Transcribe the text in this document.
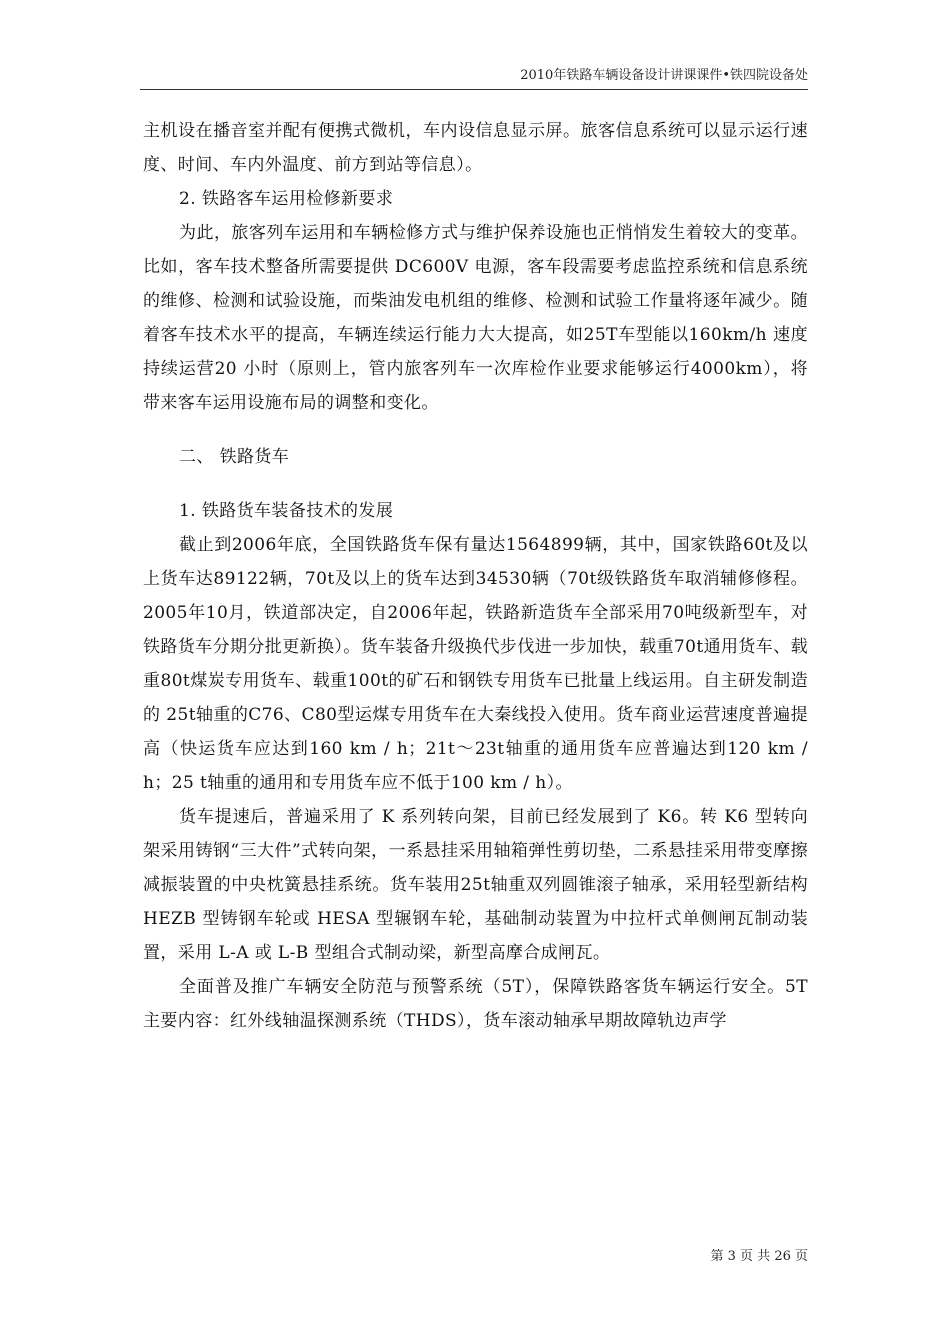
2010年铁路车辆设备设计讲课课件•铁四院设备处

主机设在播音室并配有便携式微机，车内设信息显示屏。旅客信息系统可以显示运行速度、时间、车内外温度、前方到站等信息）。

2. 铁路客车运用检修新要求

为此，旅客列车运用和车辆检修方式与维护保养设施也正悄悄发生着较大的变革。比如，客车技术整备所需要提供 DC600V 电源，客车段需要考虑监控系统和信息系统的维修、检测和试验设施，而柴油发电机组的维修、检测和试验工作量将逐年减少。随着客车技术水平的提高，车辆连续运行能力大大提高，如25T车型能以160km/h 速度持续运营20 小时（原则上，管内旅客列车一次库检作业要求能够运行4000km），将带来客车运用设施布局的调整和变化。

二、 铁路货车

1. 铁路货车装备技术的发展

截止到2006年底，全国铁路货车保有量达1564899辆，其中，国家铁路60t及以上货车达89122辆，70t及以上的货车达到34530辆（70t级铁路货车取消辅修修程。2005年10月，铁道部决定，自2006年起，铁路新造货车全部采用70吨级新型车，对铁路货车分期分批更新换）。货车装备升级换代步伐进一步加快，载重70t通用货车、载重80t煤炭专用货车、载重100t的矿石和钢铁专用货车已批量上线运用。自主研发制造的 25t轴重的C76、C80型运煤专用货车在大秦线投入使用。货车商业运营速度普遍提高（快运货车应达到160 km / h；21t～23t轴重的通用货车应普遍达到120 km / h；25 t轴重的通用和专用货车应不低于100 km / h）。

货车提速后，普遍采用了 K 系列转向架，目前已经发展到了 K6。转 K6 型转向架采用铸钢“三大件”式转向架，一系悬挂采用轴箱弹性剪切垫，二系悬挂采用带变摩擦减振装置的中央枕簧悬挂系统。货车装用25t轴重双列圆锥滚子轴承，采用轻型新结构 HEZB 型铸钢车轮或 HESA 型辗钢车轮，基础制动装置为中拉杆式单侧闸瓦制动装置，采用 L-A 或 L-B 型组合式制动梁，新型高摩合成闸瓦。

全面普及推广车辆安全防范与预警系统（5T），保障铁路客货车辆运行安全。5T 主要内容：红外线轴温探测系统（THDS），货车滚动轴承早期故障轨边声学

第 3 页 共 26 页
